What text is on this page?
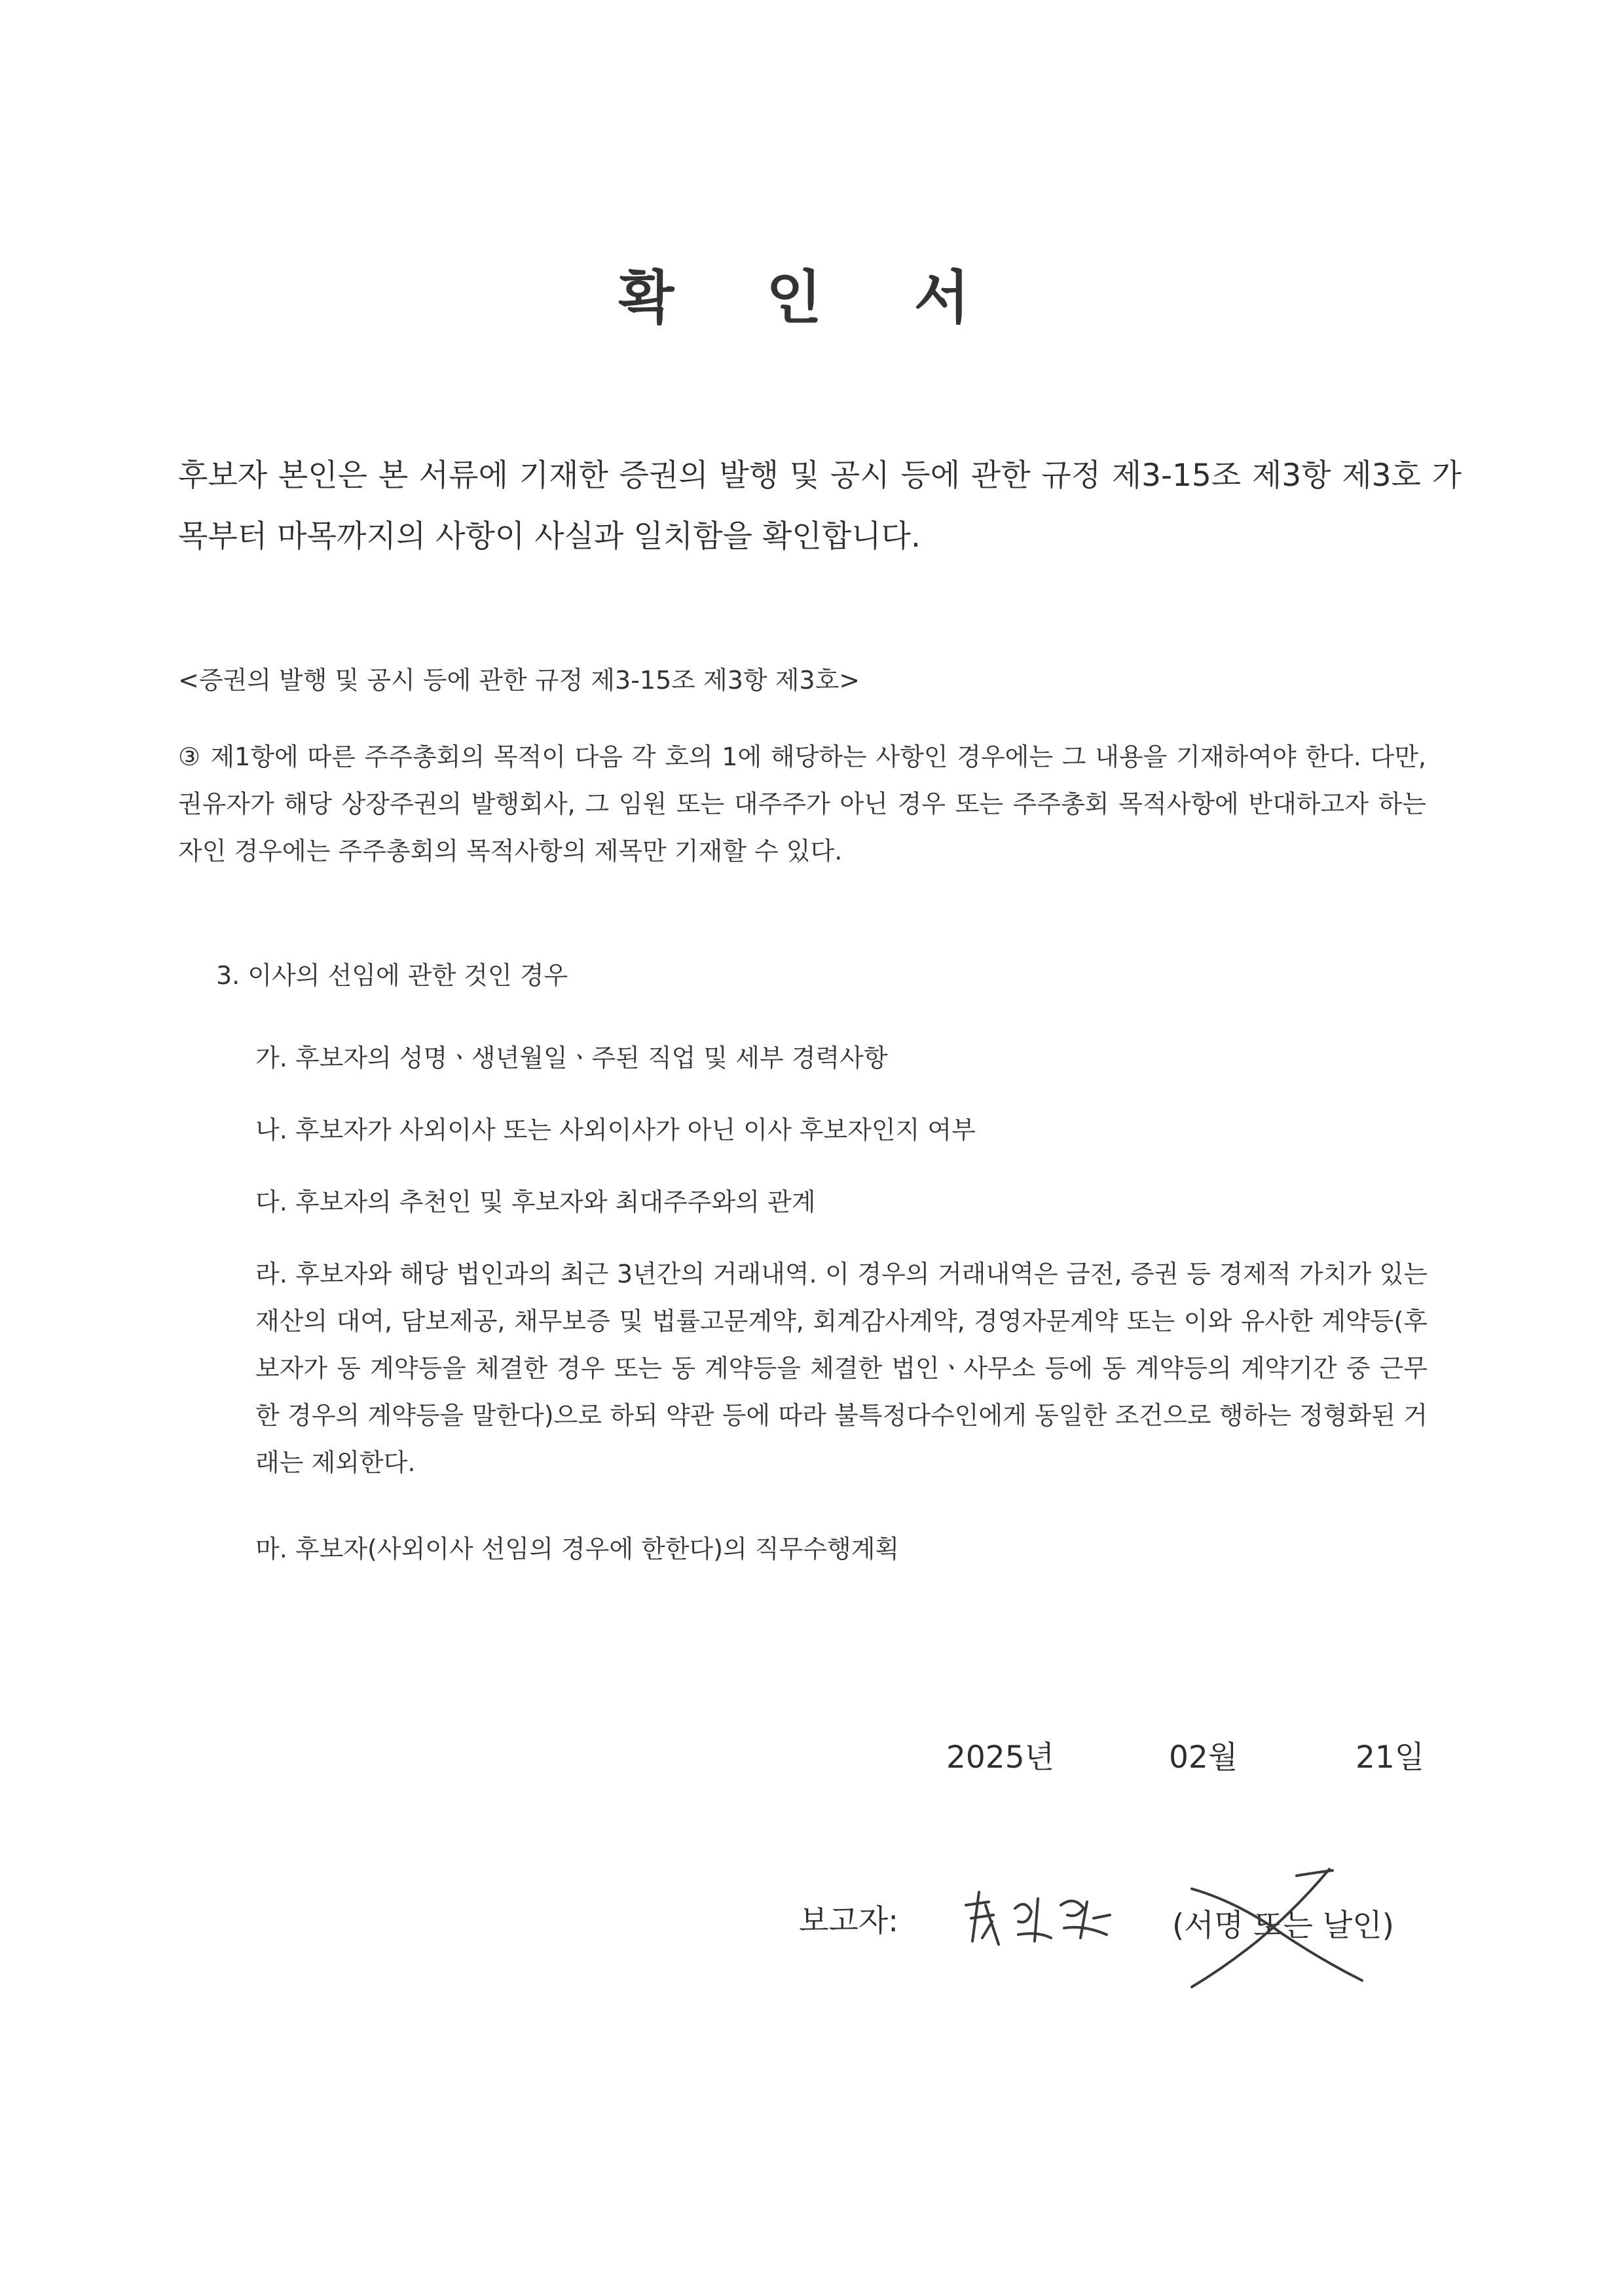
확 인 서
후보자 본인은 본 서류에 기재한 증권의 발행 및 공시 등에 관한 규정 제3-15조 제3항 제3호 가목부터 마목까지의 사항이 사실과 일치함을 확인합니다.
<증권의 발행 및 공시 등에 관한 규정 제3-15조 제3항 제3호>
③ 제1항에 따른 주주총회의 목적이 다음 각 호의 1에 해당하는 사항인 경우에는 그 내용을 기재하여야 한다. 다만, 권유자가 해당 상장주권의 발행회사, 그 임원 또는 대주주가 아닌 경우 또는 주주총회 목적사항에 반대하고자 하는 자인 경우에는 주주총회의 목적사항의 제목만 기재할 수 있다.
3. 이사의 선임에 관한 것인 경우
가. 후보자의 성명ㆍ생년월일ㆍ주된 직업 및 세부 경력사항
나. 후보자가 사외이사 또는 사외이사가 아닌 이사 후보자인지 여부
다. 후보자의 추천인 및 후보자와 최대주주와의 관계
라. 후보자와 해당 법인과의 최근 3년간의 거래내역. 이 경우의 거래내역은 금전, 증권 등 경제적 가치가 있는 재산의 대여, 담보제공, 채무보증 및 법률고문계약, 회계감사계약, 경영자문계약 또는 이와 유사한 계약등(후보자가 동 계약등을 체결한 경우 또는 동 계약등을 체결한 법인ㆍ사무소 등에 동 계약등의 계약기간 중 근무한 경우의 계약등을 말한다)으로 하되 약관 등에 따라 불특정다수인에게 동일한 조건으로 행하는 정형화된 거래는 제외한다.
마. 후보자(사외이사 선임의 경우에 한한다)의 직무수행계획
2025년	02월	21일
보고자:	(서명 또는 날인)
